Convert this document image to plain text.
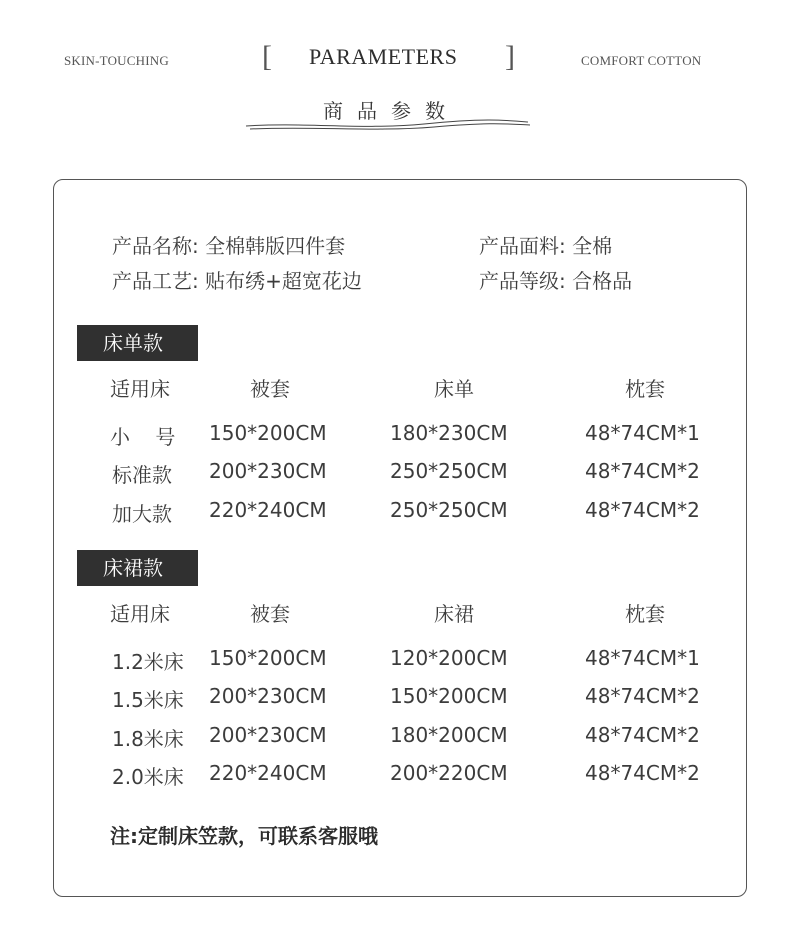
SKIN-TOUCHING	[ PARAMETERS ]	COMFORT COTTON
商品参数
产品名称: 全棉韩版四件套	产品面料: 全棉
产品工艺: 贴布绣+超宽花边	产品等级: 合格品
床单款
适用床	被套	床单	枕套
小    号 150*200CM	180*230CM	48*74CM*1
标准款 200*230CM	250*250CM	48*74CM*2
加大款 220*240CM	250*250CM	48*74CM*2
床裙款
适用床	被套	床裙	枕套
1.2米床 150*200CM	120*200CM	48*74CM*1
1.5米床 200*230CM	150*200CM	48*74CM*2
1.8米床 200*230CM	180*200CM	48*74CM*2
2.0米床 220*240CM	200*220CM	48*74CM*2
注:定制床笠款，可联系客服哦
